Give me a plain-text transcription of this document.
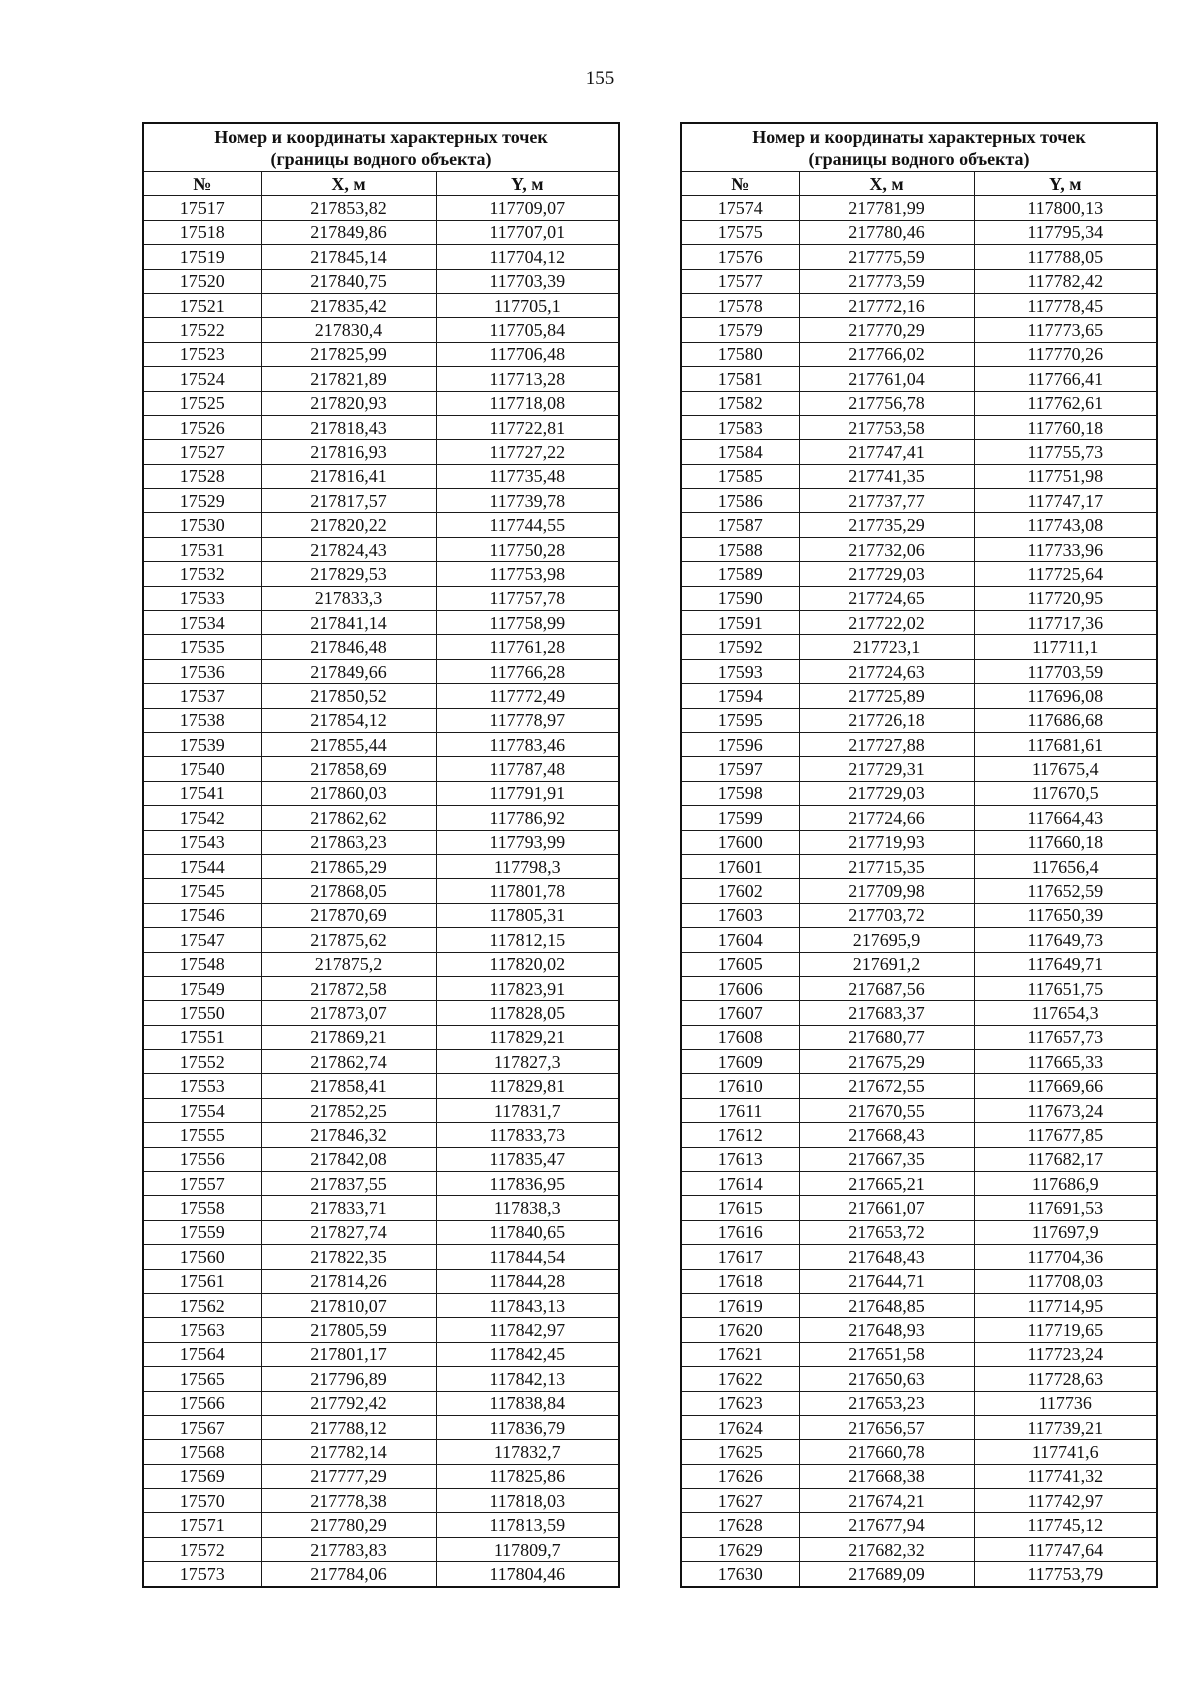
155
Номер и координаты характерных точек
(границы водного объекта)		
№	X, м	Y, м
17517	217853,82	117709,07
17518	217849,86	117707,01
17519	217845,14	117704,12
17520	217840,75	117703,39
17521	217835,42	117705,1
17522	217830,4	117705,84
17523	217825,99	117706,48
17524	217821,89	117713,28
17525	217820,93	117718,08
17526	217818,43	117722,81
17527	217816,93	117727,22
17528	217816,41	117735,48
17529	217817,57	117739,78
17530	217820,22	117744,55
17531	217824,43	117750,28
17532	217829,53	117753,98
17533	217833,3	117757,78
17534	217841,14	117758,99
17535	217846,48	117761,28
17536	217849,66	117766,28
17537	217850,52	117772,49
17538	217854,12	117778,97
17539	217855,44	117783,46
17540	217858,69	117787,48
17541	217860,03	117791,91
17542	217862,62	117786,92
17543	217863,23	117793,99
17544	217865,29	117798,3
17545	217868,05	117801,78
17546	217870,69	117805,31
17547	217875,62	117812,15
17548	217875,2	117820,02
17549	217872,58	117823,91
17550	217873,07	117828,05
17551	217869,21	117829,21
17552	217862,74	117827,3
17553	217858,41	117829,81
17554	217852,25	117831,7
17555	217846,32	117833,73
17556	217842,08	117835,47
17557	217837,55	117836,95
17558	217833,71	117838,3
17559	217827,74	117840,65
17560	217822,35	117844,54
17561	217814,26	117844,28
17562	217810,07	117843,13
17563	217805,59	117842,97
17564	217801,17	117842,45
17565	217796,89	117842,13
17566	217792,42	117838,84
17567	217788,12	117836,79
17568	217782,14	117832,7
17569	217777,29	117825,86
17570	217778,38	117818,03
17571	217780,29	117813,59
17572	217783,83	117809,7
17573	217784,06	117804,46
Номер и координаты характерных точек
(границы водного объекта)		
№	X, м	Y, м
17574	217781,99	117800,13
17575	217780,46	117795,34
17576	217775,59	117788,05
17577	217773,59	117782,42
17578	217772,16	117778,45
17579	217770,29	117773,65
17580	217766,02	117770,26
17581	217761,04	117766,41
17582	217756,78	117762,61
17583	217753,58	117760,18
17584	217747,41	117755,73
17585	217741,35	117751,98
17586	217737,77	117747,17
17587	217735,29	117743,08
17588	217732,06	117733,96
17589	217729,03	117725,64
17590	217724,65	117720,95
17591	217722,02	117717,36
17592	217723,1	117711,1
17593	217724,63	117703,59
17594	217725,89	117696,08
17595	217726,18	117686,68
17596	217727,88	117681,61
17597	217729,31	117675,4
17598	217729,03	117670,5
17599	217724,66	117664,43
17600	217719,93	117660,18
17601	217715,35	117656,4
17602	217709,98	117652,59
17603	217703,72	117650,39
17604	217695,9	117649,73
17605	217691,2	117649,71
17606	217687,56	117651,75
17607	217683,37	117654,3
17608	217680,77	117657,73
17609	217675,29	117665,33
17610	217672,55	117669,66
17611	217670,55	117673,24
17612	217668,43	117677,85
17613	217667,35	117682,17
17614	217665,21	117686,9
17615	217661,07	117691,53
17616	217653,72	117697,9
17617	217648,43	117704,36
17618	217644,71	117708,03
17619	217648,85	117714,95
17620	217648,93	117719,65
17621	217651,58	117723,24
17622	217650,63	117728,63
17623	217653,23	117736
17624	217656,57	117739,21
17625	217660,78	117741,6
17626	217668,38	117741,32
17627	217674,21	117742,97
17628	217677,94	117745,12
17629	217682,32	117747,64
17630	217689,09	117753,79
